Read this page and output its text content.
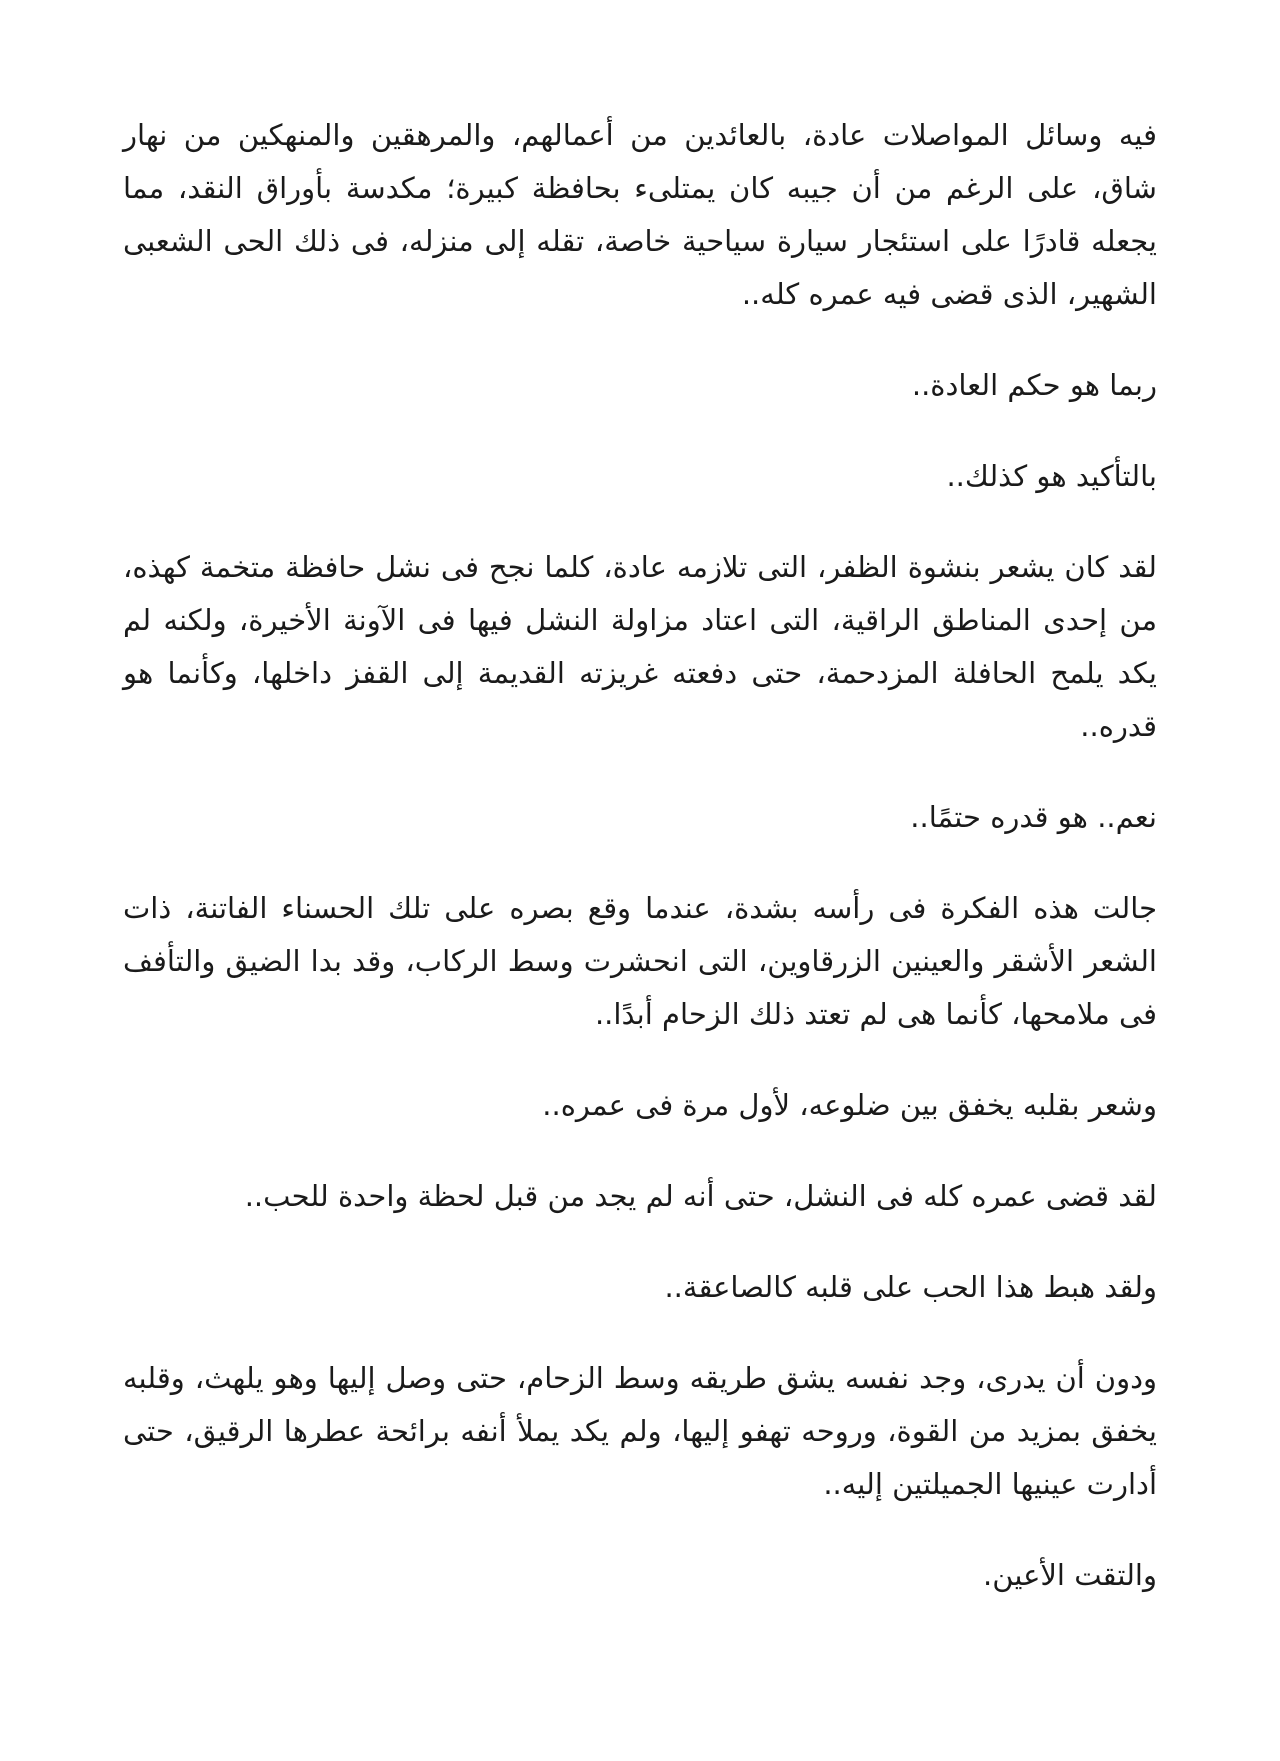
فيه وسائل المواصلات عادة، بالعائدين من أعمالهم، والمرهقين والمنهكين من نهار شاق، على الرغم من أن جيبه كان يمتلىء بحافظة كبيرة؛ مكدسة بأوراق النقد، مما يجعله قادرًا على استئجار سيارة سياحية خاصة، تقله إلى منزله، فى ذلك الحى الشعبى الشهير، الذى قضى فيه عمره كله..

ربما هو حكم العادة..

بالتأكيد هو كذلك..

لقد كان يشعر بنشوة الظفر، التى تلازمه عادة، كلما نجح فى نشل حافظة متخمة كهذه، من إحدى المناطق الراقية، التى اعتاد مزاولة النشل فيها فى الآونة الأخيرة، ولكنه لم يكد يلمح الحافلة المزدحمة، حتى دفعته غريزته القديمة إلى القفز داخلها، وكأنما هو قدره..

نعم.. هو قدره حتمًا..

جالت هذه الفكرة فى رأسه بشدة، عندما وقع بصره على تلك الحسناء الفاتنة، ذات الشعر الأشقر والعينين الزرقاوين، التى انحشرت وسط الركاب، وقد بدا الضيق والتأفف فى ملامحها، كأنما هى لم تعتد ذلك الزحام أبدًا..

وشعر بقلبه يخفق بين ضلوعه، لأول مرة فى عمره..

لقد قضى عمره كله فى النشل، حتى أنه لم يجد من قبل لحظة واحدة للحب..

ولقد هبط هذا الحب على قلبه كالصاعقة..

ودون أن يدرى، وجد نفسه يشق طريقه وسط الزحام، حتى وصل إليها وهو يلهث، وقلبه يخفق بمزيد من القوة، وروحه تهفو إليها، ولم يكد يملأ أنفه برائحة عطرها الرقيق، حتى أدارت عينيها الجميلتين إليه..

والتقت الأعين.
